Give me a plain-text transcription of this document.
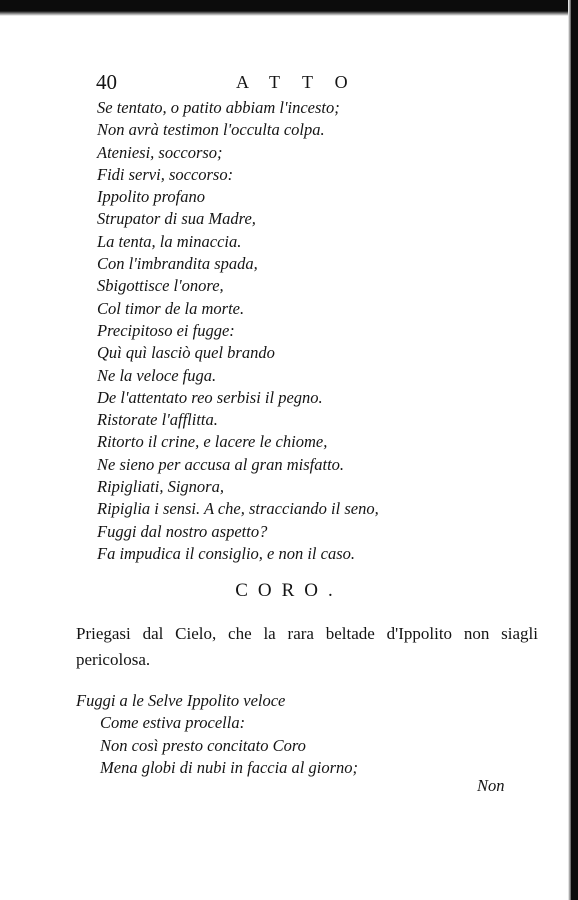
40	ATTO
Se tentato, o patito abbiam l'incesto;
Non avrà testimon l'occulta colpa.
Ateniesi, soccorso;
Fidi servi, soccorso:
Ippolito profano
Strupator di sua Madre,
La tenta, la minaccia.
Con l'imbrandita spada,
Sbigottisce l'onore,
Col timor de la morte.
Precipitoso ei fugge:
Quì quì lasciò quel brando
Ne la veloce fuga.
De l'attentato reo serbisi il pegno.
Ristorate l'afflitta.
Ritorto il crine, e lacere le chiome,
Ne sieno per accusa al gran misfatto.
Ripigliati, Signora,
Ripiglia i sensi. A che, stracciando il seno,
Fuggi dal nostro aspetto?
Fa impudica il consiglio, e non il caso.
CORO.
Priegasi dal Cielo, che la rara beltade d'Ippolito non siagli pericolosa.
Fuggi a le Selve Ippolito veloce
Come estiva procella:
Non così presto concitato Coro
Mena globi di nubi in faccia al giorno;
Non
